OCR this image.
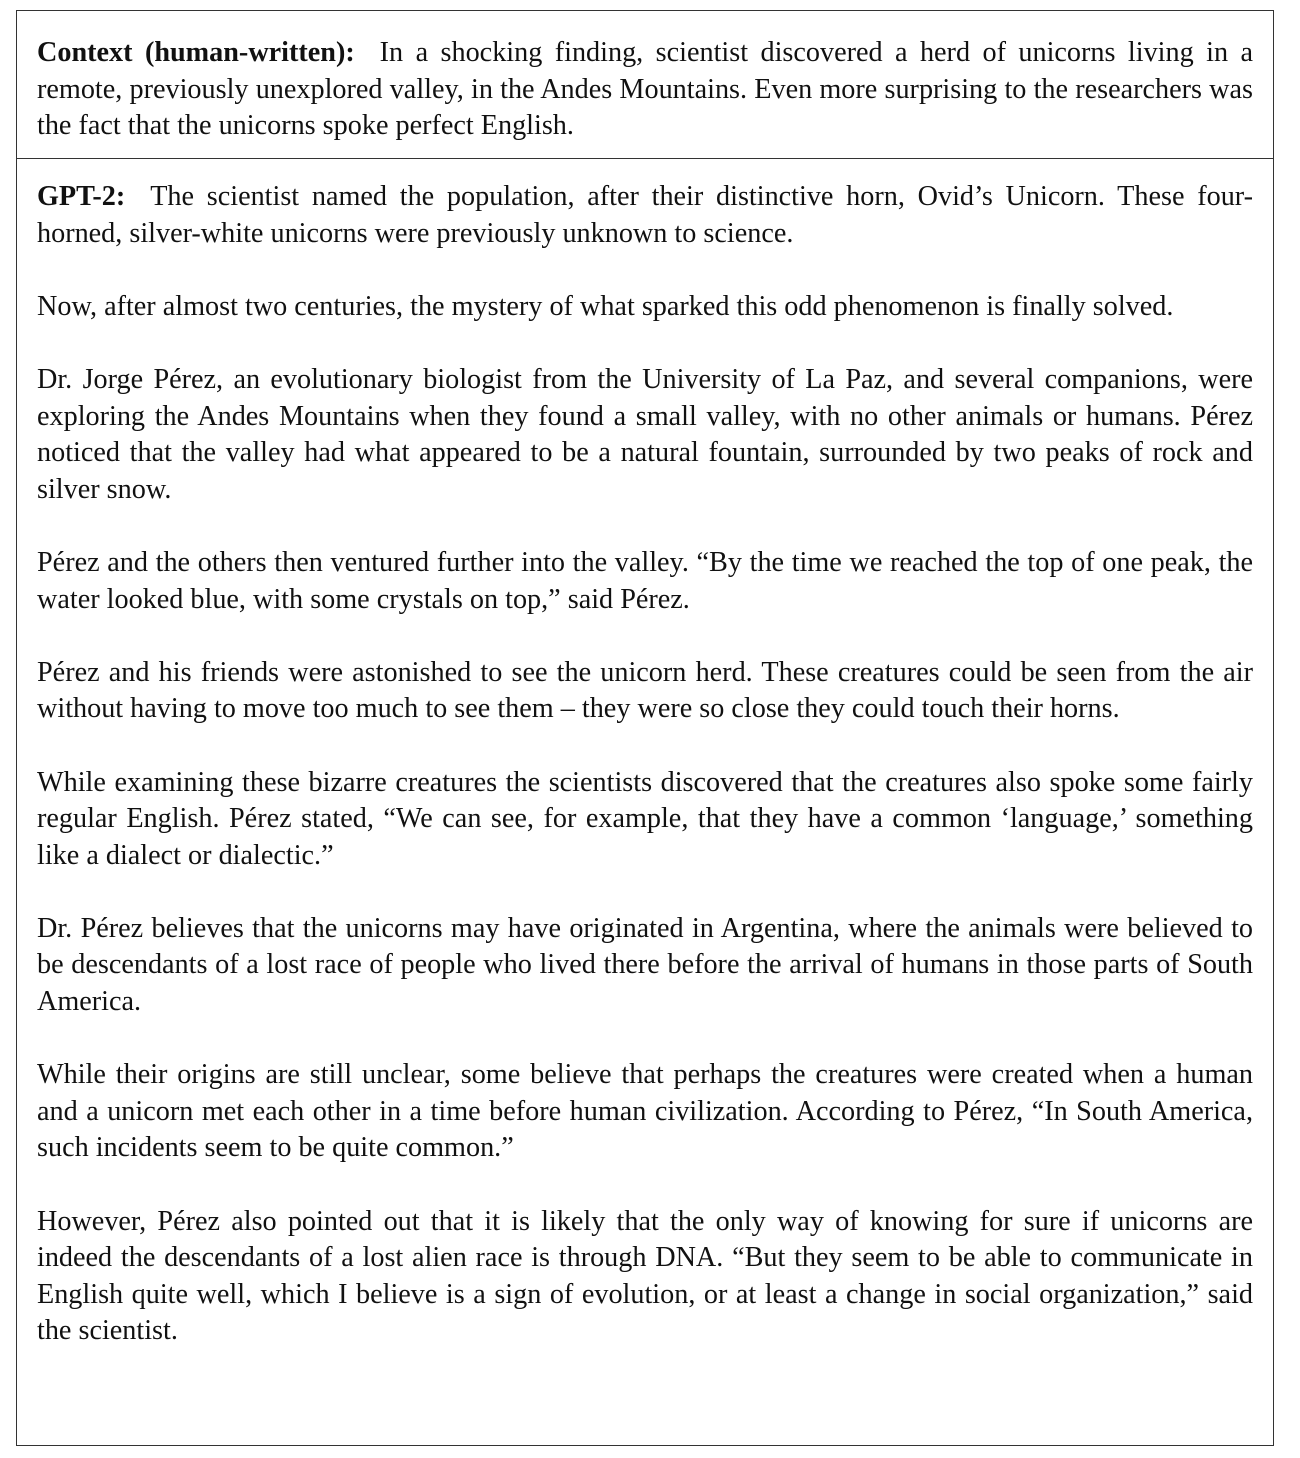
Context (human-written): In a shocking finding, scientist discovered a herd of unicorns living in a remote, previously unexplored valley, in the Andes Mountains. Even more surprising to the researchers was the fact that the unicorns spoke perfect English.

GPT-2: The scientist named the population, after their distinctive horn, Ovid’s Unicorn. These four-horned, silver-white unicorns were previously unknown to science.

Now, after almost two centuries, the mystery of what sparked this odd phenomenon is finally solved.

Dr. Jorge Pérez, an evolutionary biologist from the University of La Paz, and several companions, were exploring the Andes Mountains when they found a small valley, with no other animals or humans. Pérez noticed that the valley had what appeared to be a natural fountain, surrounded by two peaks of rock and silver snow.

Pérez and the others then ventured further into the valley. “By the time we reached the top of one peak, the water looked blue, with some crystals on top,” said Pérez.

Pérez and his friends were astonished to see the unicorn herd. These creatures could be seen from the air without having to move too much to see them – they were so close they could touch their horns.

While examining these bizarre creatures the scientists discovered that the creatures also spoke some fairly regular English. Pérez stated, “We can see, for example, that they have a common ‘language,’ something like a dialect or dialectic.”

Dr. Pérez believes that the unicorns may have originated in Argentina, where the animals were believed to be descendants of a lost race of people who lived there before the arrival of humans in those parts of South America.

While their origins are still unclear, some believe that perhaps the creatures were created when a human and a unicorn met each other in a time before human civilization. According to Pérez, “In South America, such incidents seem to be quite common.”

However, Pérez also pointed out that it is likely that the only way of knowing for sure if unicorns are indeed the descendants of a lost alien race is through DNA. “But they seem to be able to communicate in English quite well, which I believe is a sign of evolution, or at least a change in social organization,” said the scientist.
